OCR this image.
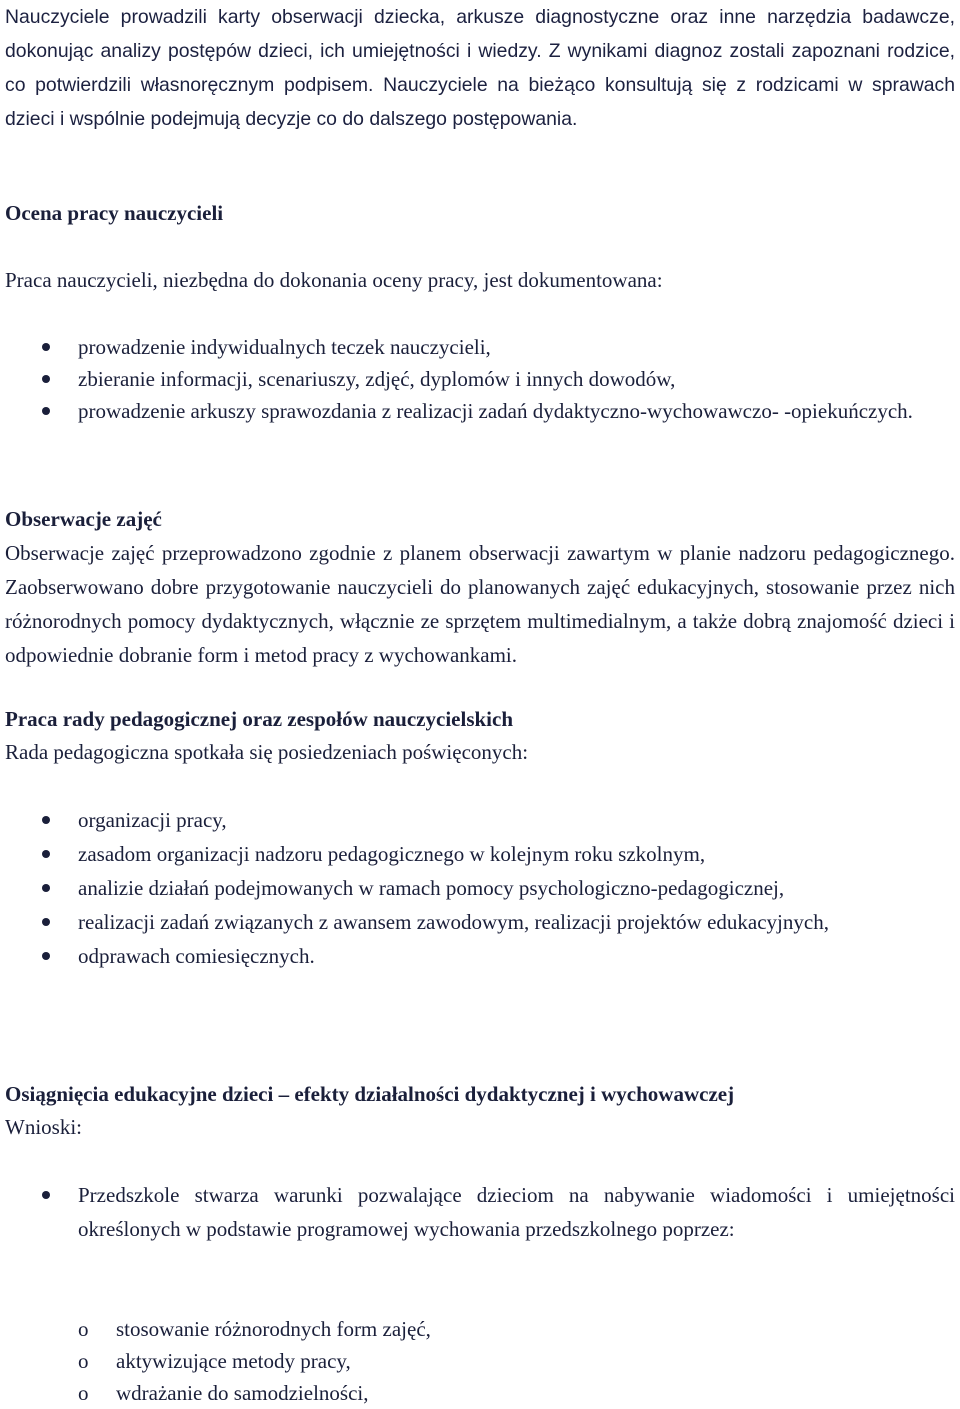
Nauczyciele prowadzili karty obserwacji dziecka, arkusze diagnostyczne oraz inne narzędzia badawcze, dokonując analizy postępów dzieci, ich umiejętności i wiedzy. Z wynikami diagnoz zostali zapoznani rodzice, co potwierdzili własnoręcznym podpisem. Nauczyciele na bieżąco konsultują się z rodzicami w sprawach dzieci i wspólnie podejmują decyzje co do dalszego postępowania.

Ocena pracy nauczycieli

Praca nauczycieli, niezbędna do dokonania oceny pracy, jest dokumentowana:

prowadzenie indywidualnych teczek nauczycieli,
zbieranie informacji, scenariuszy, zdjęć, dyplomów i innych dowodów,
prowadzenie arkuszy sprawozdania z realizacji zadań dydaktyczno-wychowawczo- -opiekuńczych.

Obserwacje zajęć

Obserwacje zajęć przeprowadzono zgodnie z planem obserwacji zawartym w planie nadzoru pedagogicznego. Zaobserwowano dobre przygotowanie nauczycieli do planowanych zajęć edukacyjnych, stosowanie przez nich różnorodnych pomocy dydaktycznych, włącznie ze sprzętem multimedialnym, a także dobrą znajomość dzieci i odpowiednie dobranie form i metod pracy z wychowankami.

Praca rady pedagogicznej oraz zespołów nauczycielskich

Rada pedagogiczna spotkała się posiedzeniach poświęconych:

organizacji pracy,
zasadom organizacji nadzoru pedagogicznego w kolejnym roku szkolnym,
analizie działań podejmowanych w ramach pomocy psychologiczno-pedagogicznej,
realizacji zadań związanych z awansem zawodowym, realizacji projektów edukacyjnych,
odprawach comiesięcznych.

Osiągnięcia edukacyjne dzieci – efekty działalności dydaktycznej i wychowawczej

Wnioski:

Przedszkole stwarza warunki pozwalające dzieciom na nabywanie wiadomości i umiejętności określonych w podstawie programowej wychowania przedszkolnego poprzez:
o stosowanie różnorodnych form zajęć,
o aktywizujące metody pracy,
o wdrażanie do samodzielności,
